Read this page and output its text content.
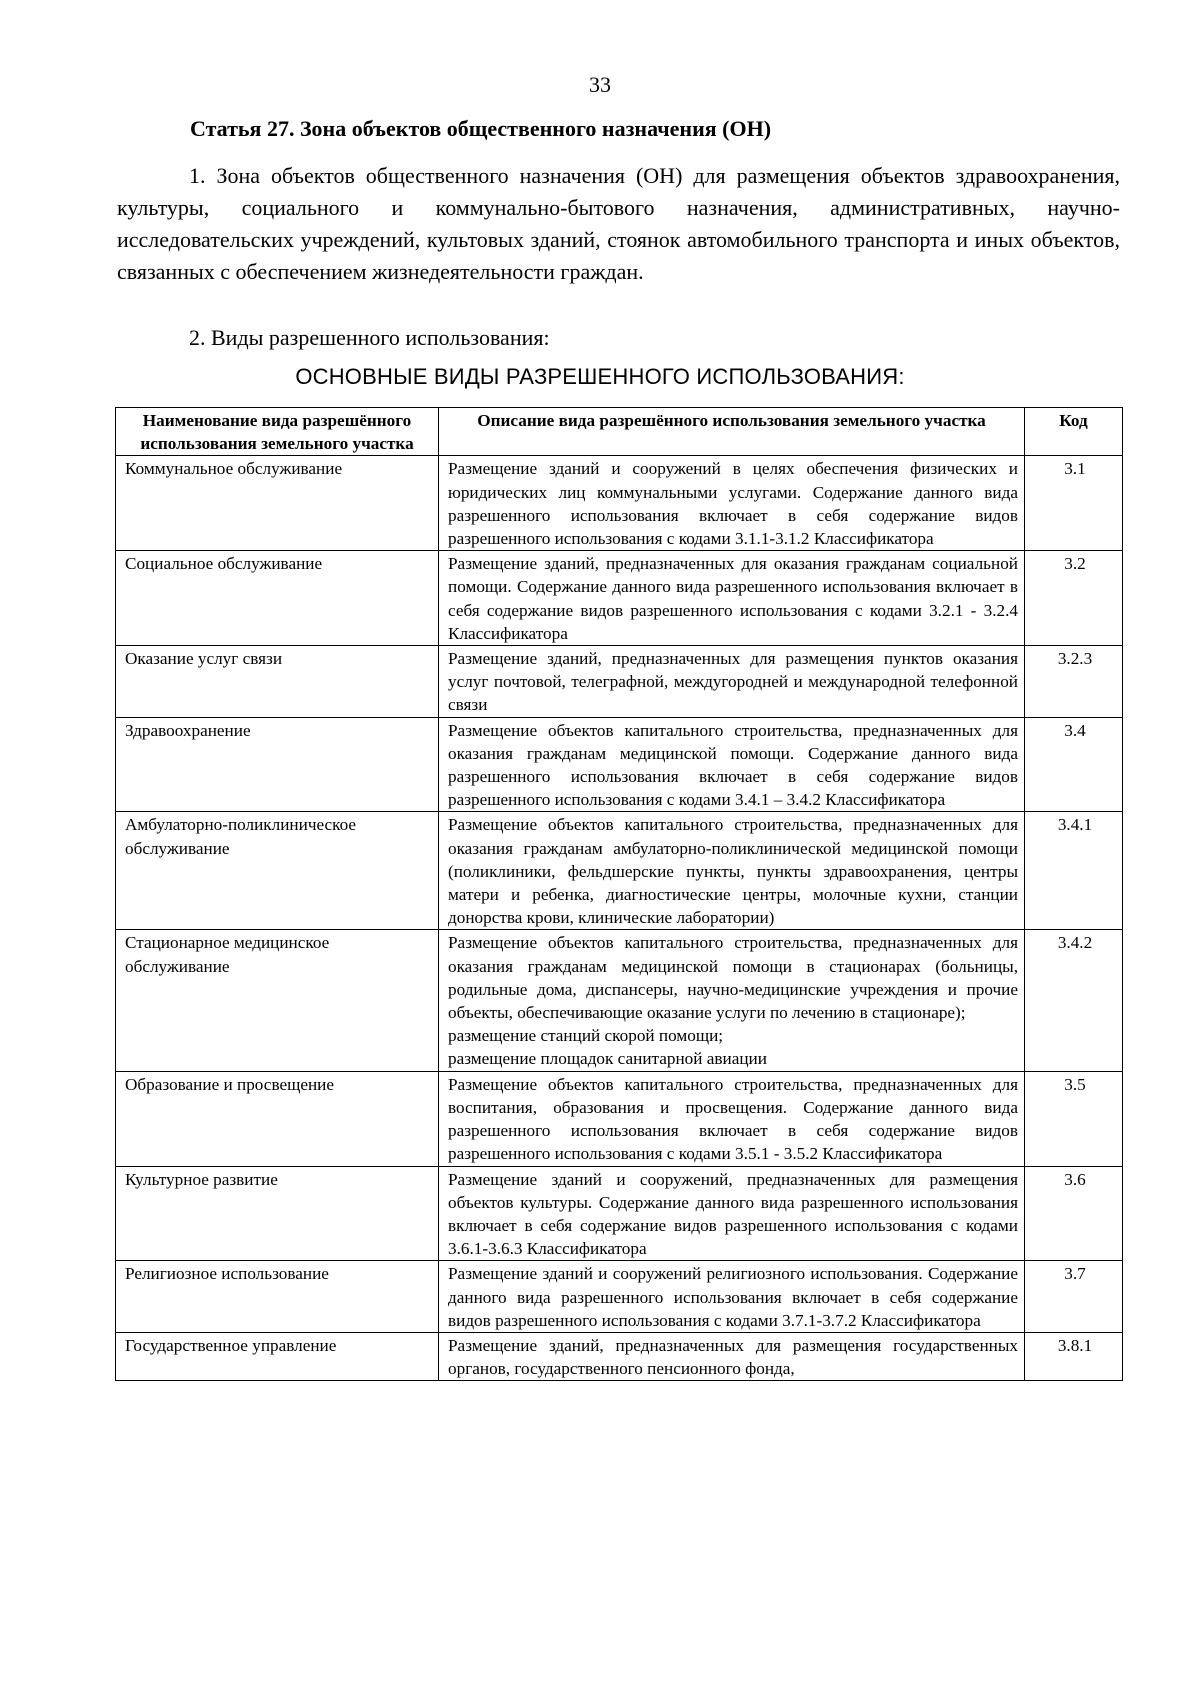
33
Статья 27. Зона объектов общественного назначения (ОН)

1. Зона объектов общественного назначения (ОН) для размещения объектов здравоохранения, культуры, социального и коммунально-бытового назначения, административных, научно-исследовательских учреждений, культовых зданий, стоянок автомобильного транспорта и иных объектов, связанных с обеспечением жизнедеятельности граждан.

2. Виды разрешенного использования:

ОСНОВНЫЕ ВИДЫ РАЗРЕШЕННОГО ИСПОЛЬЗОВАНИЯ:
Наименование вида разрешённого использования земельного участка	Описание вида разрешённого использования земельного участка	Код
Коммунальное обслуживание	Размещение зданий и сооружений в целях обеспечения физических и юридических лиц коммунальными услугами. Содержание данного вида разрешенного использования включает в себя содержание видов разрешенного использования с кодами 3.1.1-3.1.2 Классификатора	3.1
Социальное обслуживание	Размещение зданий, предназначенных для оказания гражданам социальной помощи. Содержание данного вида разрешенного использования включает в себя содержание видов разрешенного использования с кодами 3.2.1 - 3.2.4 Классификатора	3.2
Оказание услуг связи	Размещение зданий, предназначенных для размещения пунктов оказания услуг почтовой, телеграфной, междугородней и международной телефонной связи	3.2.3
Здравоохранение	Размещение объектов капитального строительства, предназначенных для оказания гражданам медицинской помощи. Содержание данного вида разрешенного использования включает в себя содержание видов разрешенного использования с кодами 3.4.1 – 3.4.2 Классификатора	3.4
Амбулаторно-поликлиническое обслуживание	Размещение объектов капитального строительства, предназначенных для оказания гражданам амбулаторно-поликлинической медицинской помощи (поликлиники, фельдшерские пункты, пункты здравоохранения, центры матери и ребенка, диагностические центры, молочные кухни, станции донорства крови, клинические лаборатории)	3.4.1
Стационарное медицинское обслуживание	Размещение объектов капитального строительства, предназначенных для оказания гражданам медицинской помощи в стационарах (больницы, родильные дома, диспансеры, научно-медицинские учреждения и прочие объекты, обеспечивающие оказание услуги по лечению в стационаре);
размещение станций скорой помощи;
размещение площадок санитарной авиации	3.4.2
Образование и просвещение	Размещение объектов капитального строительства, предназначенных для воспитания, образования и просвещения. Содержание данного вида разрешенного использования включает в себя содержание видов разрешенного использования с кодами 3.5.1 - 3.5.2 Классификатора	3.5
Культурное развитие	Размещение зданий и сооружений, предназначенных для размещения объектов культуры. Содержание данного вида разрешенного использования включает в себя содержание видов разрешенного использования с кодами 3.6.1-3.6.3 Классификатора	3.6
Религиозное использование	Размещение зданий и сооружений религиозного использования. Содержание данного вида разрешенного использования включает в себя содержание видов разрешенного использования с кодами 3.7.1-3.7.2 Классификатора	3.7
Государственное управление	Размещение зданий, предназначенных для размещения государственных органов, государственного пенсионного фонда,	3.8.1
